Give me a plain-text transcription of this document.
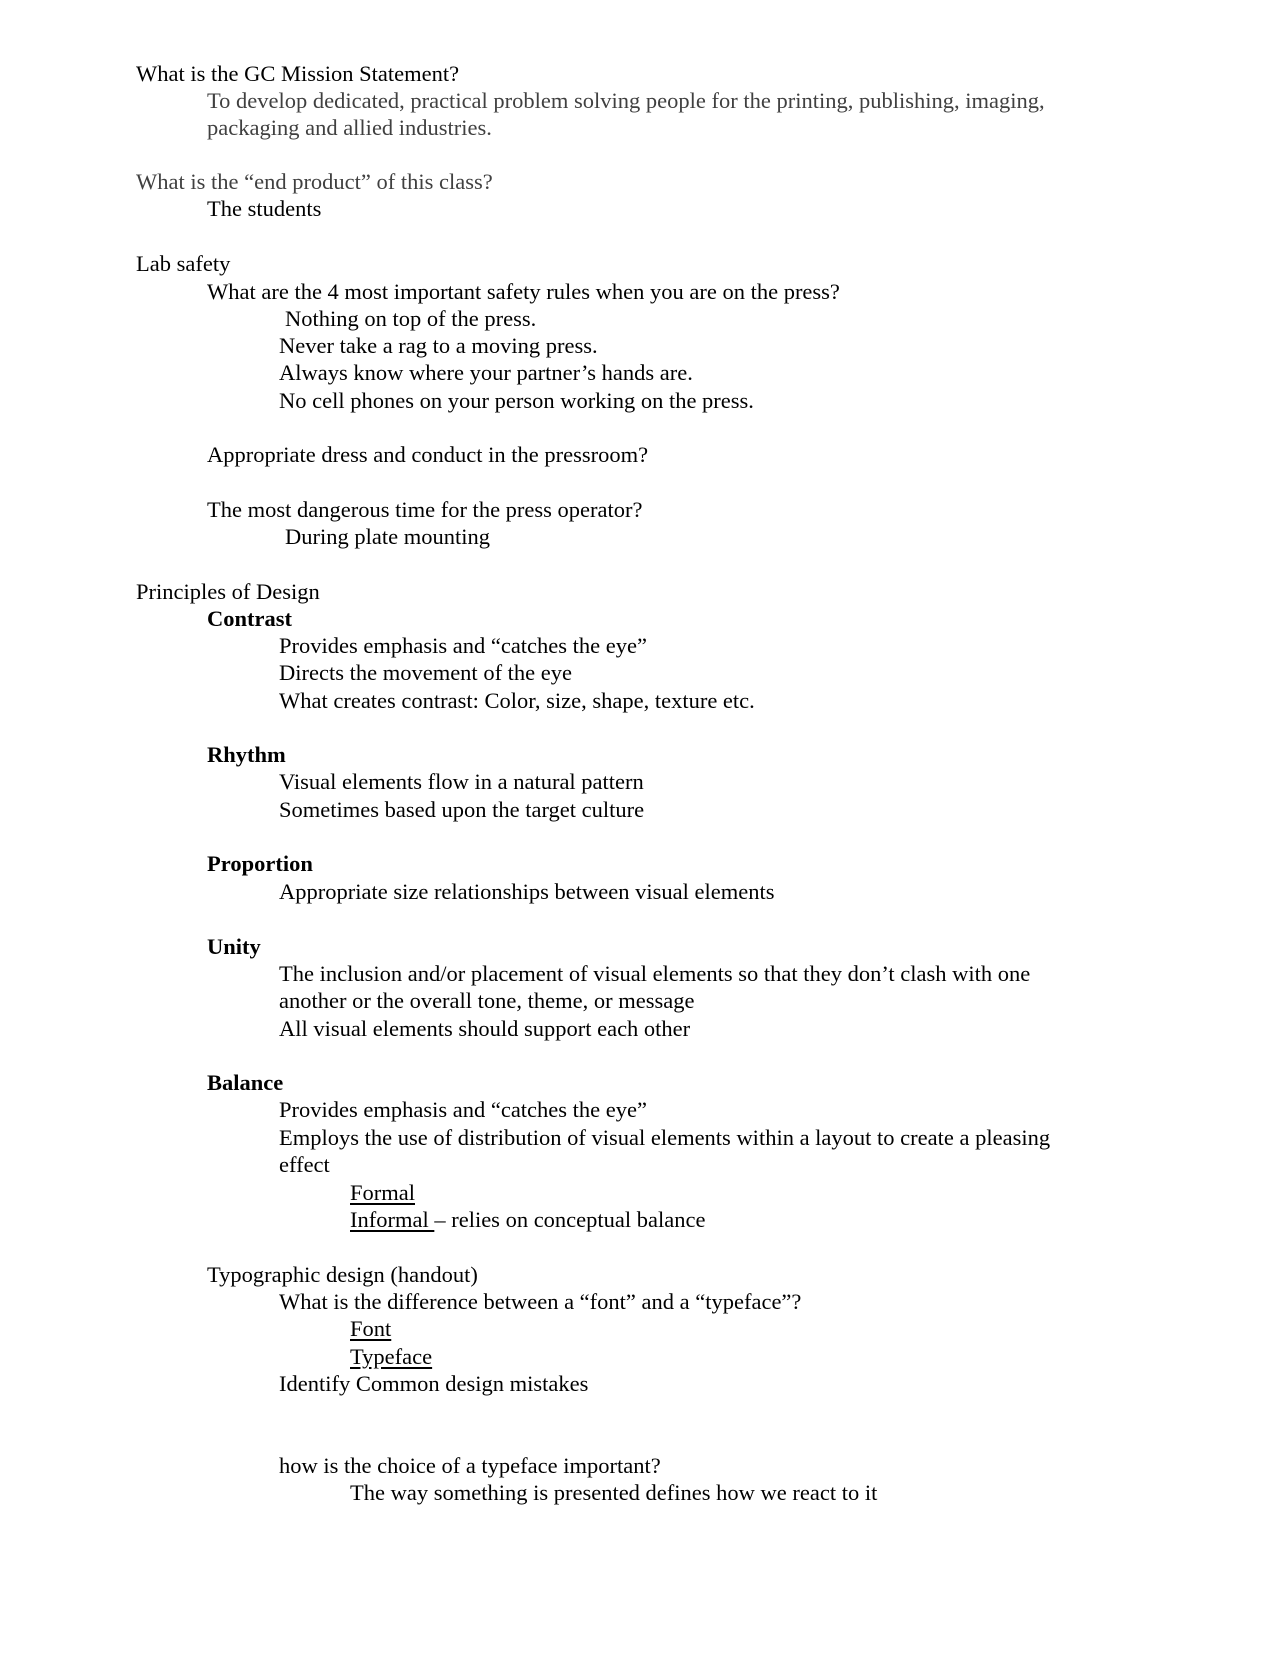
What is the GC Mission Statement?
To develop dedicated, practical problem solving people for the printing, publishing, imaging,
packaging and allied industries.
What is the “end product” of this class?
The students
Lab safety
What are the 4 most important safety rules when you are on the press?
Nothing on top of the press.
Never take a rag to a moving press.
Always know where your partner’s hands are.
No cell phones on your person working on the press.
Appropriate dress and conduct in the pressroom?
The most dangerous time for the press operator?
During plate mounting
Principles of Design
Contrast
Provides emphasis and “catches the eye”
Directs the movement of the eye
What creates contrast: Color, size, shape, texture etc.
Rhythm
Visual elements flow in a natural pattern
Sometimes based upon the target culture
Proportion
Appropriate size relationships between visual elements
Unity
The inclusion and/or placement of visual elements so that they don’t clash with one
another or the overall tone, theme, or message
All visual elements should support each other
Balance
Provides emphasis and “catches the eye”
Employs the use of distribution of visual elements within a layout to create a pleasing
effect
Formal
Informal – relies on conceptual balance
Typographic design (handout)
What is the difference between a “font” and a “typeface”?
Font
Typeface
Identify Common design mistakes
how is the choice of a typeface important?
The way something is presented defines how we react to it
